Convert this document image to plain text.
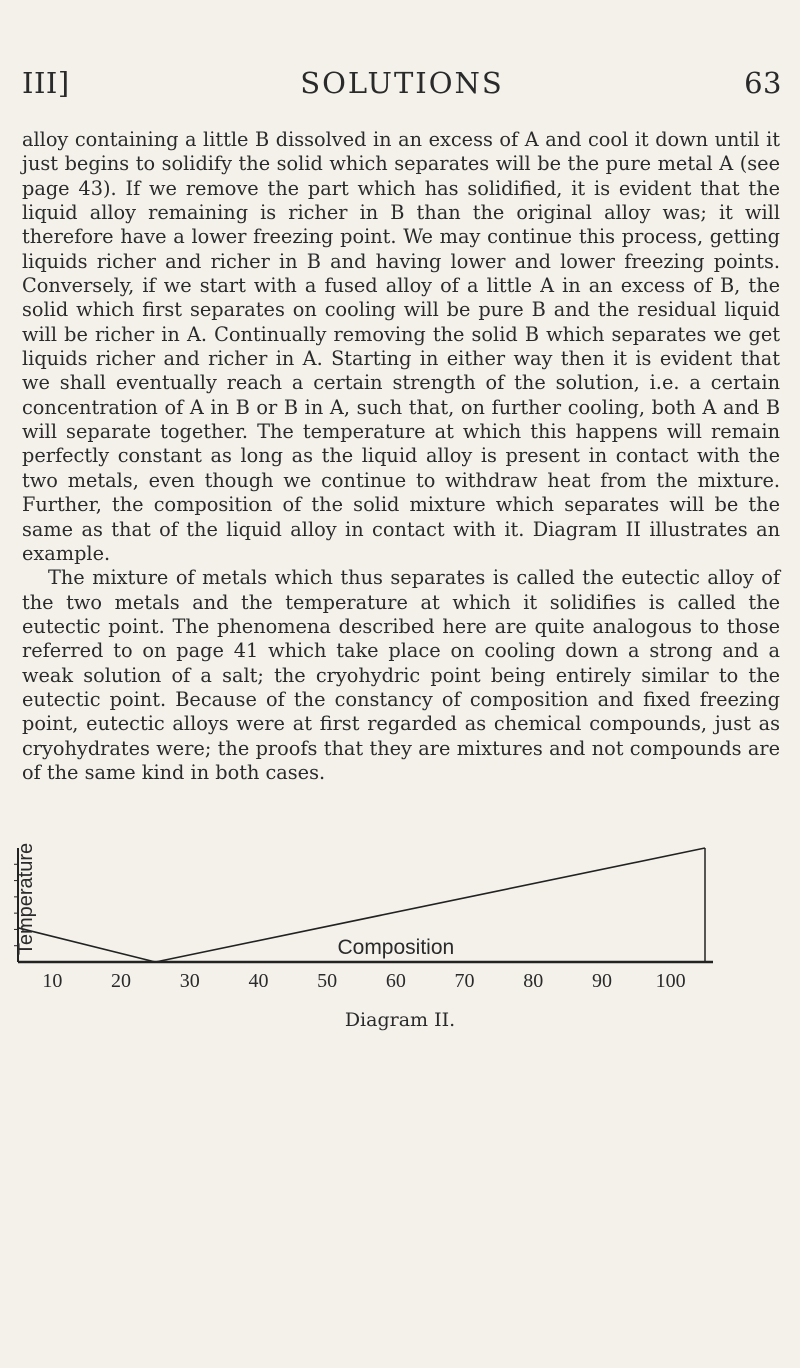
III]	SOLUTIONS	63

alloy containing a little B dissolved in an excess of A and cool it down until it just begins to solidify the solid which separates will be the pure metal A (see page 43). If we remove the part which has solidified, it is evident that the liquid alloy remaining is richer in B than the original alloy was; it will therefore have a lower freezing point. We may continue this process, getting liquids richer and richer in B and having lower and lower freezing points. Conversely, if we start with a fused alloy of a little A in an excess of B, the solid which first separates on cooling will be pure B and the residual liquid will be richer in A. Continually removing the solid B which separates we get liquids richer and richer in A. Starting in either way then it is evident that we shall eventually reach a certain strength of the solution, i.e. a certain concentration of A in B or B in A, such that, on further cooling, both A and B will separate together. The temperature at which this happens will remain perfectly constant as long as the liquid alloy is present in contact with the two metals, even though we continue to withdraw heat from the mixture. Further, the composition of the solid mixture which separates will be the same as that of the liquid alloy in contact with it. Diagram II illustrates an example.

The mixture of metals which thus separates is called the eutectic alloy of the two metals and the temperature at which it solidifies is called the eutectic point. The phenomena described here are quite analogous to those referred to on page 41 which take place on cooling down a strong and a weak solution of a salt; the cryohydric point being entirely similar to the eutectic point. Because of the constancy of composition and fixed freezing point, eutectic alloys were at first regarded as chemical compounds, just as cryohydrates were; the proofs that they are mixtures and not compounds are of the same kind in both cases.

10 20 30 40 50 60 70 80 90 100
Temperature	Composition
Diagram II.
